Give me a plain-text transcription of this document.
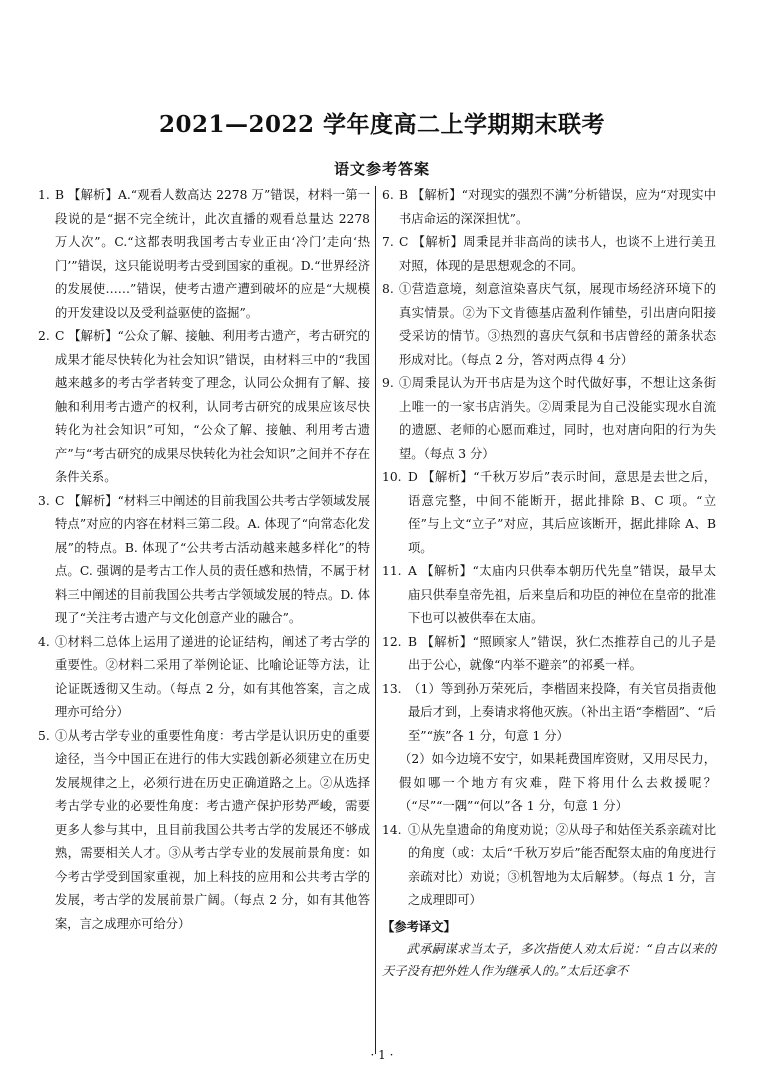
2021—2022 学年度高二上学期期末联考
语文参考答案

1. B 【解析】A.“观看人数高达 2278 万”错误，材料一第一段说的是“据不完全统计，此次直播的观看总量达 2278 万人次”。C.“这都表明我国考古专业正由‘冷门’走向‘热门’”错误，这只能说明考古受到国家的重视。D.“世界经济的发展使……”错误，使考古遗产遭到破坏的应是“大规模的开发建设以及受利益驱使的盗掘”。

2. C 【解析】“公众了解、接触、利用考古遗产，考古研究的成果才能尽快转化为社会知识”错误，由材料三中的“我国越来越多的考古学者转变了理念，认同公众拥有了解、接触和利用考古遗产的权利，认同考古研究的成果应该尽快转化为社会知识”可知，“公众了解、接触、利用考古遗产”与“考古研究的成果尽快转化为社会知识”之间并不存在条件关系。

3. C 【解析】“材料三中阐述的目前我国公共考古学领域发展特点”对应的内容在材料三第二段。A. 体现了“向常态化发展”的特点。B. 体现了“公共考古活动越来越多样化”的特点。C. 强调的是考古工作人员的责任感和热情，不属于材料三中阐述的目前我国公共考古学领域发展的特点。D. 体现了“关注考古遗产与文化创意产业的融合”。

4. ①材料二总体上运用了递进的论证结构，阐述了考古学的重要性。②材料二采用了举例论证、比喻论证等方法，让论证既透彻又生动。（每点 2 分，如有其他答案，言之成理亦可给分）

5. ①从考古学专业的重要性角度：考古学是认识历史的重要途径，当今中国正在进行的伟大实践创新必须建立在历史发展规律之上，必须行进在历史正确道路之上。②从选择考古学专业的必要性角度：考古遗产保护形势严峻，需要更多人参与其中，且目前我国公共考古学的发展还不够成熟，需要相关人才。③从考古学专业的发展前景角度：如今考古学受到国家重视，加上科技的应用和公共考古学的发展，考古学的发展前景广阔。（每点 2 分，如有其他答案，言之成理亦可给分）

6. B 【解析】“对现实的强烈不满”分析错误，应为“对现实中书店命运的深深担忧”。

7. C 【解析】周秉昆并非高尚的读书人，也谈不上进行美丑对照，体现的是思想观念的不同。

8. ①营造意境，刻意渲染喜庆气氛，展现市场经济环境下的真实情景。②为下文肯德基店盈利作铺垫，引出唐向阳接受采访的情节。③热烈的喜庆气氛和书店曾经的萧条状态形成对比。（每点 2 分，答对两点得 4 分）

9. ①周秉昆认为开书店是为这个时代做好事，不想让这条街上唯一的一家书店消失。②周秉昆为自己没能实现水自流的遗愿、老师的心愿而难过，同时，也对唐向阳的行为失望。（每点 3 分）

10. D 【解析】“千秋万岁后”表示时间，意思是去世之后，语意完整，中间不能断开，据此排除 B、C 项。“立侄”与上文“立子”对应，其后应该断开，据此排除 A、B 项。

11. A 【解析】“太庙内只供奉本朝历代先皇”错误，最早太庙只供奉皇帝先祖，后来皇后和功臣的神位在皇帝的批准下也可以被供奉在太庙。

12. B 【解析】“照顾家人”错误，狄仁杰推荐自己的儿子是出于公心，就像“内举不避亲”的祁奚一样。

13. （1）等到孙万荣死后，李楷固来投降，有关官员指责他最后才到，上奏请求将他灭族。（补出主语“李楷固”、“后至”“族”各 1 分，句意 1 分）

（2）如今边境不安宁，如果耗费国库资财，又用尽民力，假如哪一个地方有灾难，陛下将用什么去救援呢？（“尽”“一隅”“何以”各 1 分，句意 1 分）

14. ①从先皇遗命的角度劝说；②从母子和姑侄关系亲疏对比的角度（或：太后“千秋万岁后”能否配祭太庙的角度进行亲疏对比）劝说；③机智地为太后解梦。（每点 1 分，言之成理即可）

【参考译文】

武承嗣谋求当太子，多次指使人劝太后说：“自古以来的天子没有把外姓人作为继承人的。”太后还拿不

· 1 ·
